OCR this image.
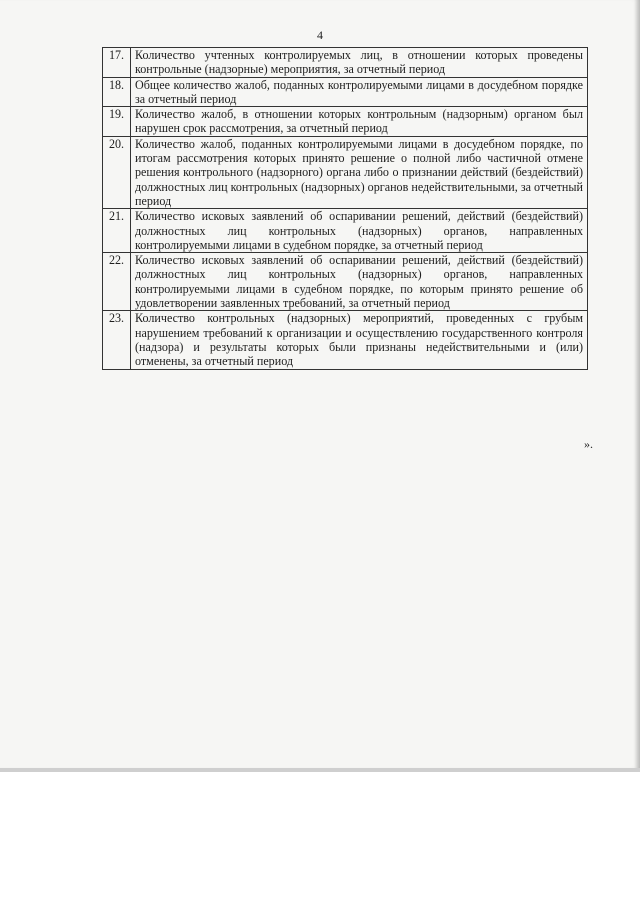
4
17.	Количество учтенных контролируемых лиц, в отношении которых проведены контрольные (надзорные) мероприятия, за отчетный период
18.	Общее количество жалоб, поданных контролируемыми лицами в досудебном порядке за отчетный период
19.	Количество жалоб, в отношении которых контрольным (надзорным) органом был нарушен срок рассмотрения, за отчетный период
20.	Количество жалоб, поданных контролируемыми лицами в досудебном порядке, по итогам рассмотрения которых принято решение о полной либо частичной отмене решения контрольного (надзорного) органа либо о признании действий (бездействий) должностных лиц контрольных (надзорных) органов недействительными, за отчетный период
21.	Количество исковых заявлений об оспаривании решений, действий (бездействий) должностных лиц контрольных (надзорных) органов, направленных контролируемыми лицами в судебном порядке, за отчетный период
22.	Количество исковых заявлений об оспаривании решений, действий (бездействий) должностных лиц контрольных (надзорных) органов, направленных контролируемыми лицами в судебном порядке, по которым принято решение об удовлетворении заявленных требований, за отчетный период
23.	Количество контрольных (надзорных) мероприятий, проведенных с грубым нарушением требований к организации и осуществлению государственного контроля (надзора) и результаты которых были признаны недействительными и (или) отменены, за отчетный период
».
